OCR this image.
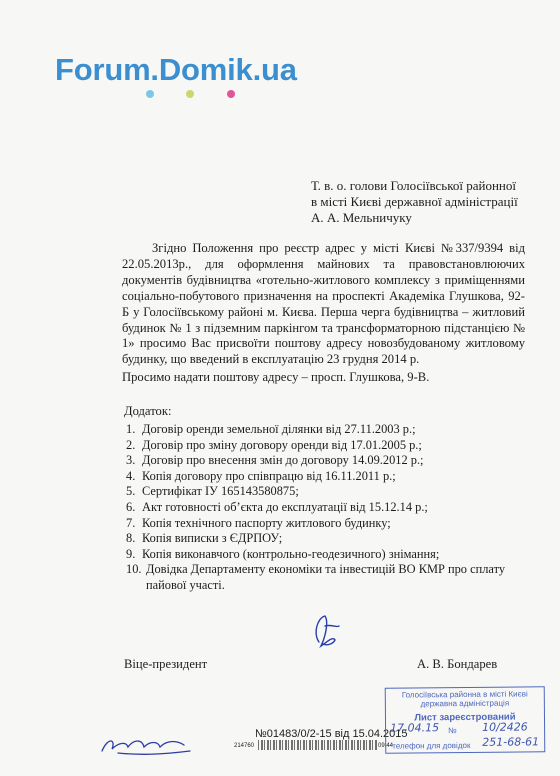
Forum.Domik.ua
Т. в. о. голови Голосіївської районної
в місті Києві державної адміністрації
А. А. Мельничуку
Згідно Положення про реєстр адрес у місті Києві №337/9394 від 22.05.2013р., для оформлення майнових та правовстановлюючих документів будівництва «готельно-житлового комплексу з приміщеннями соціально-побутового призначення на проспекті Академіка Глушкова, 92-Б у Голосіївському районі м. Києва. Перша черга будівництва – житловий будинок № 1 з підземним паркінгом та трансформаторною підстанцією № 1» просимо Вас присвоїти поштову адресу новозбудованому житловому будинку, що введений в експлуатацію 23 грудня 2014 р.
Просимо надати поштову адресу – просп. Глушкова, 9-В.
Додаток:
1. Договір оренди земельної ділянки від 27.11.2003 р.;
2. Договір про зміну договору оренди від 17.01.2005 р.;
3. Договір про внесення змін до договору 14.09.2012 р.;
4. Копія договору про співпрацю від 16.11.2011 р.;
5. Сертифікат ІУ 165143580875;
6. Акт готовності об’єкта до експлуатації від 15.12.14 р.;
7. Копія технічного паспорту житлового будинку;
8. Копія виписки з ЄДРПОУ;
9. Копія виконавчого (контрольно-геодезичного) знімання;
10. Довідка Департаменту економіки та інвестицій ВО КМР про сплату пайової участі.
Віце-президент	А. В. Бондарев
№01483/0/2-15 від 15.04.2015
214760	09:44
Голосіївська районна в місті Києві
державна адміністрація
Лист зареєстрований
№
телефон для довідок
17.04.15	10/2426
251-68-61
